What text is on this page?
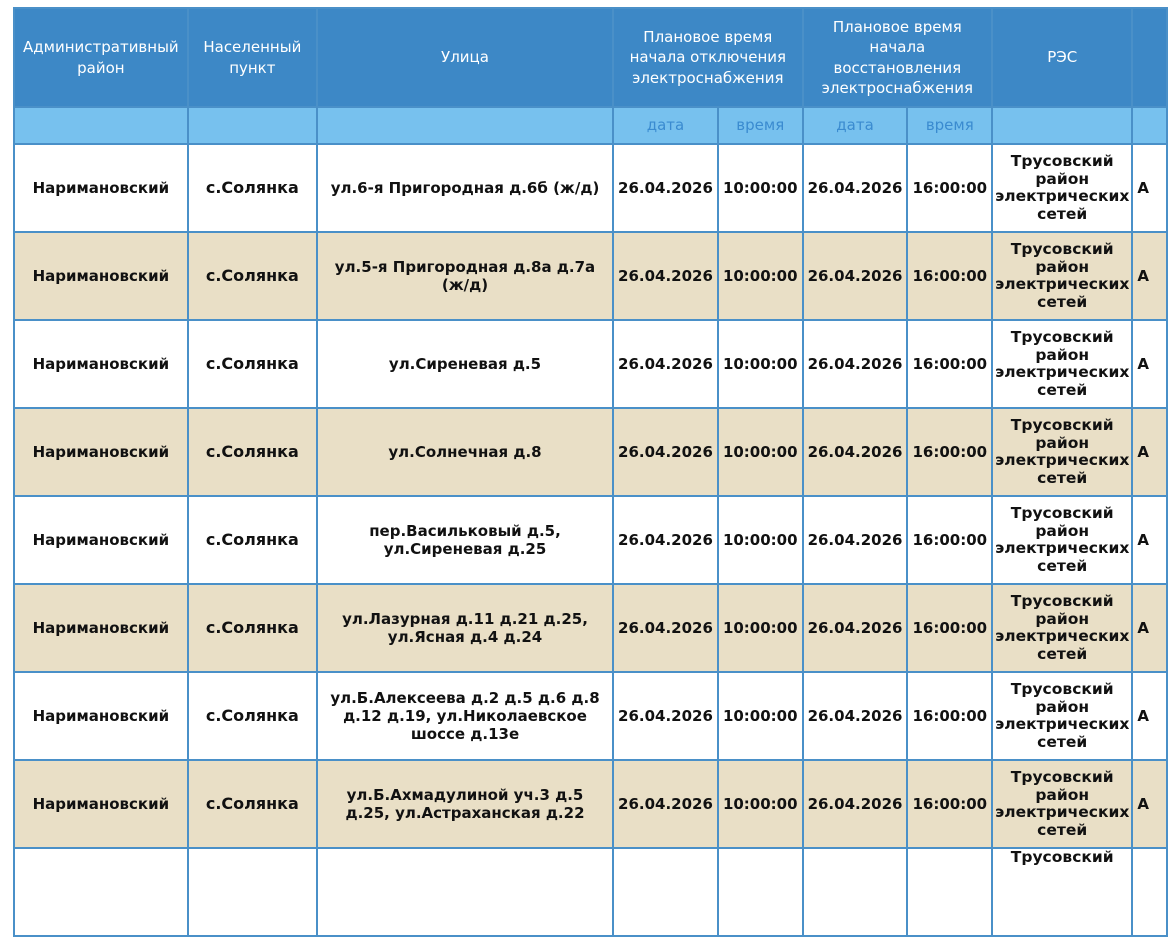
Административный район	Населенный пункт	Улица	Плановое время начала отключения электроснабжения		Плановое время начала восстановления электроснабжения		РЭС	
			дата	время	дата	время		
Наримановский	с.Солянка	ул.6-я Пригородная д.6б (ж/д)	26.04.2026	10:00:00	26.04.2026	16:00:00	Трусовский район электрических сетей	А
Наримановский	с.Солянка	ул.5-я Пригородная д.8а д.7а (ж/д)	26.04.2026	10:00:00	26.04.2026	16:00:00	Трусовский район электрических сетей	А
Наримановский	с.Солянка	ул.Сиреневая д.5	26.04.2026	10:00:00	26.04.2026	16:00:00	Трусовский район электрических сетей	А
Наримановский	с.Солянка	ул.Солнечная д.8	26.04.2026	10:00:00	26.04.2026	16:00:00	Трусовский район электрических сетей	А
Наримановский	с.Солянка	пер.Васильковый д.5, ул.Сиреневая д.25	26.04.2026	10:00:00	26.04.2026	16:00:00	Трусовский район электрических сетей	А
Наримановский	с.Солянка	ул.Лазурная д.11 д.21 д.25, ул.Ясная д.4 д.24	26.04.2026	10:00:00	26.04.2026	16:00:00	Трусовский район электрических сетей	А
Наримановский	с.Солянка	ул.Б.Алексеева д.2 д.5 д.6 д.8 д.12 д.19, ул.Николаевское шоссе д.13е	26.04.2026	10:00:00	26.04.2026	16:00:00	Трусовский район электрических сетей	А
Наримановский	с.Солянка	ул.Б.Ахмадулиной уч.3 д.5 д.25, ул.Астраханская д.22	26.04.2026	10:00:00	26.04.2026	16:00:00	Трусовский район электрических сетей	А
							Трусовский	
